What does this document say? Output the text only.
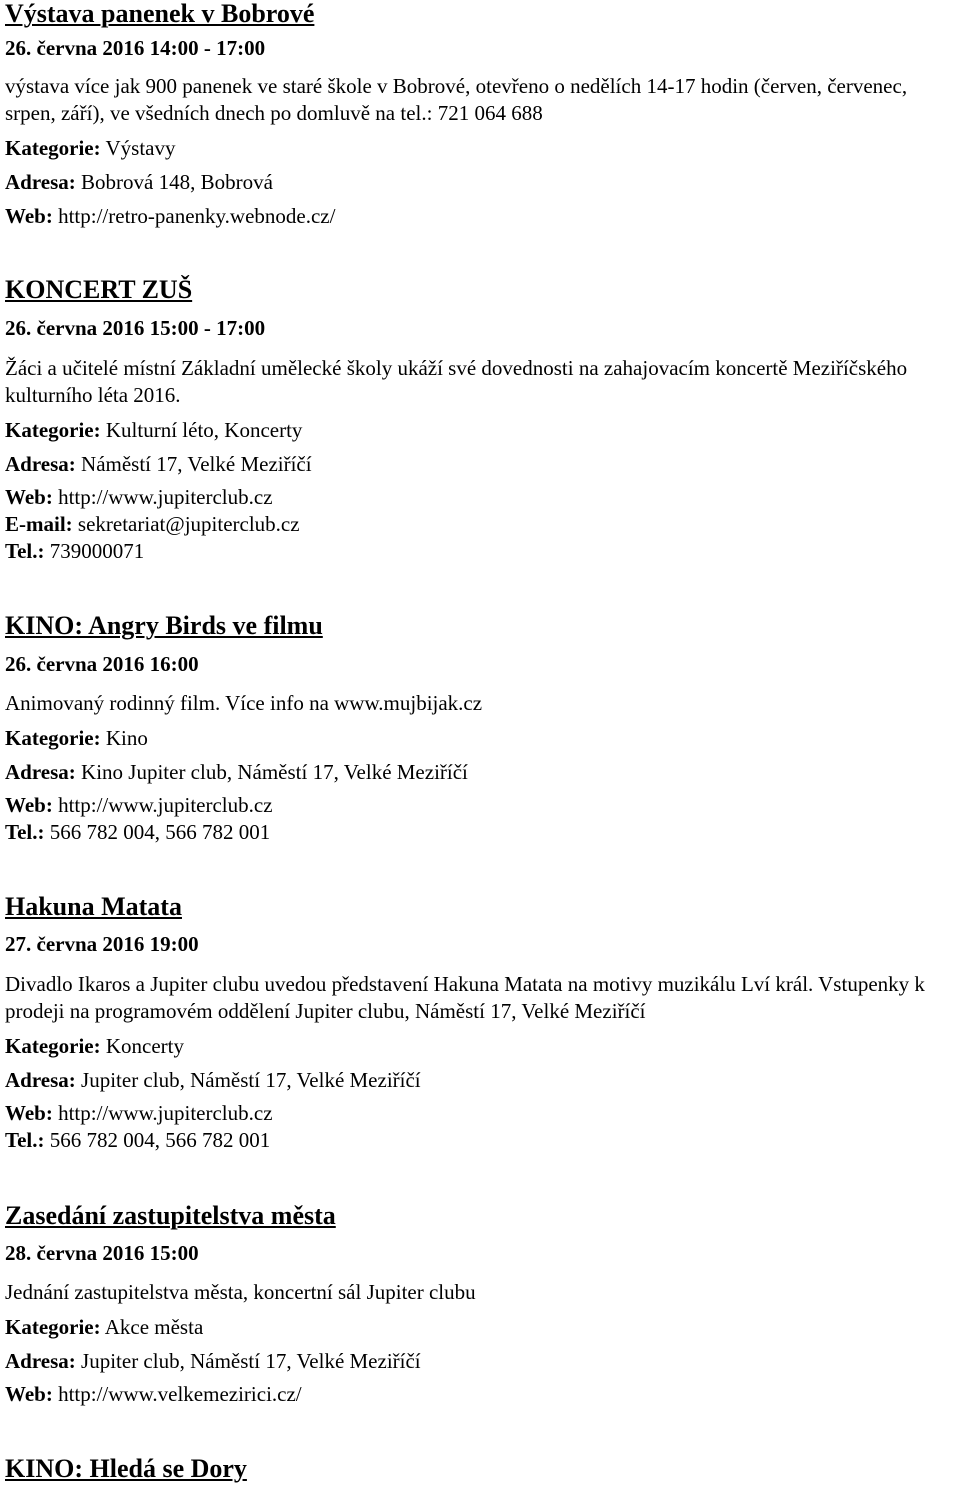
Výstava panenek v Bobrové
26. června 2016 14:00 - 17:00
výstava více jak 900 panenek ve staré škole v Bobrové, otevřeno o nedělích 14-17 hodin (červen, červenec, srpen, září), ve všedních dnech po domluvě na tel.: 721 064 688
Kategorie: Výstavy
Adresa: Bobrová 148, Bobrová
Web: http://retro-panenky.webnode.cz/
KONCERT ZUŠ
26. června 2016 15:00 - 17:00
Žáci a učitelé místní Základní umělecké školy ukáží své dovednosti na zahajovacím koncertě Meziříčského kulturního léta 2016.
Kategorie: Kulturní léto, Koncerty
Adresa: Náměstí 17, Velké Meziříčí
Web: http://www.jupiterclub.cz
E-mail: sekretariat@jupiterclub.cz
Tel.: 739000071
KINO: Angry Birds ve filmu
26. června 2016 16:00
Animovaný rodinný film. Více info na www.mujbijak.cz
Kategorie: Kino
Adresa: Kino Jupiter club, Náměstí 17, Velké Meziříčí
Web: http://www.jupiterclub.cz
Tel.: 566 782 004, 566 782 001
Hakuna Matata
27. června 2016 19:00
Divadlo Ikaros a Jupiter clubu uvedou představení Hakuna Matata na motivy muzikálu Lví král. Vstupenky k prodeji na programovém oddělení Jupiter clubu, Náměstí 17, Velké Meziříčí
Kategorie: Koncerty
Adresa: Jupiter club, Náměstí 17, Velké Meziříčí
Web: http://www.jupiterclub.cz
Tel.: 566 782 004, 566 782 001
Zasedání zastupitelstva města
28. června 2016 15:00
Jednání zastupitelstva města, koncertní sál Jupiter clubu
Kategorie: Akce města
Adresa: Jupiter club, Náměstí 17, Velké Meziříčí
Web: http://www.velkemezirici.cz/
KINO: Hledá se Dory
